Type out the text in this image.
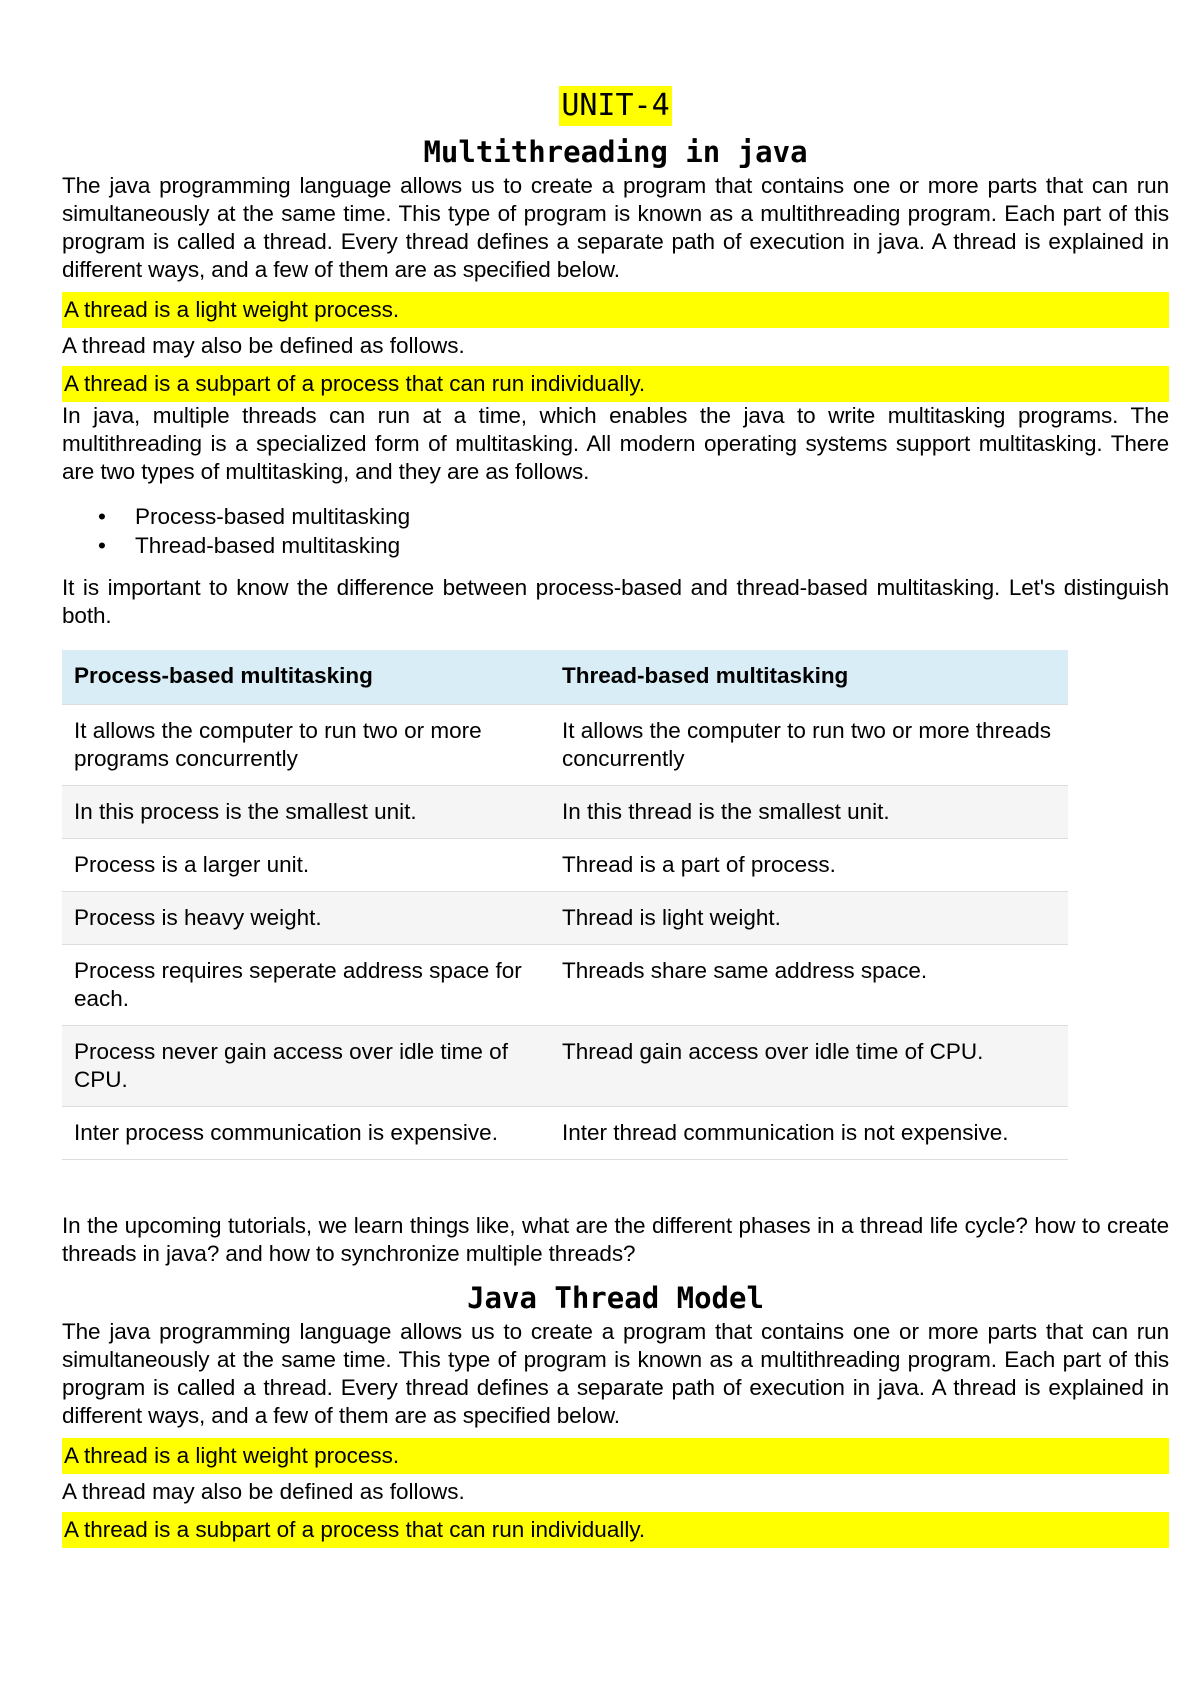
UNIT-4
Multithreading in java

The java programming language allows us to create a program that contains one or more parts that can run simultaneously at the same time. This type of program is known as a multithreading program. Each part of this program is called a thread. Every thread defines a separate path of execution in java. A thread is explained in different ways, and a few of them are as specified below.

A thread is a light weight process.
A thread may also be defined as follows.
A thread is a subpart of a process that can run individually.

In java, multiple threads can run at a time, which enables the java to write multitasking programs. The multithreading is a specialized form of multitasking. All modern operating systems support multitasking. There are two types of multitasking, and they are as follows.

• Process-based multitasking
• Thread-based multitasking

It is important to know the difference between process-based and thread-based multitasking. Let's distinguish both.

Process-based multitasking	Thread-based multitasking
It allows the computer to run two or more programs concurrently	It allows the computer to run two or more threads concurrently
In this process is the smallest unit.	In this thread is the smallest unit.
Process is a larger unit.	Thread is a part of process.
Process is heavy weight.	Thread is light weight.
Process requires seperate address space for each.	Threads share same address space.
Process never gain access over idle time of CPU.	Thread gain access over idle time of CPU.
Inter process communication is expensive.	Inter thread communication is not expensive.

In the upcoming tutorials, we learn things like, what are the different phases in a thread life cycle? how to create threads in java? and how to synchronize multiple threads?

Java Thread Model

The java programming language allows us to create a program that contains one or more parts that can run simultaneously at the same time. This type of program is known as a multithreading program. Each part of this program is called a thread. Every thread defines a separate path of execution in java. A thread is explained in different ways, and a few of them are as specified below.

A thread is a light weight process.
A thread may also be defined as follows.
A thread is a subpart of a process that can run individually.
